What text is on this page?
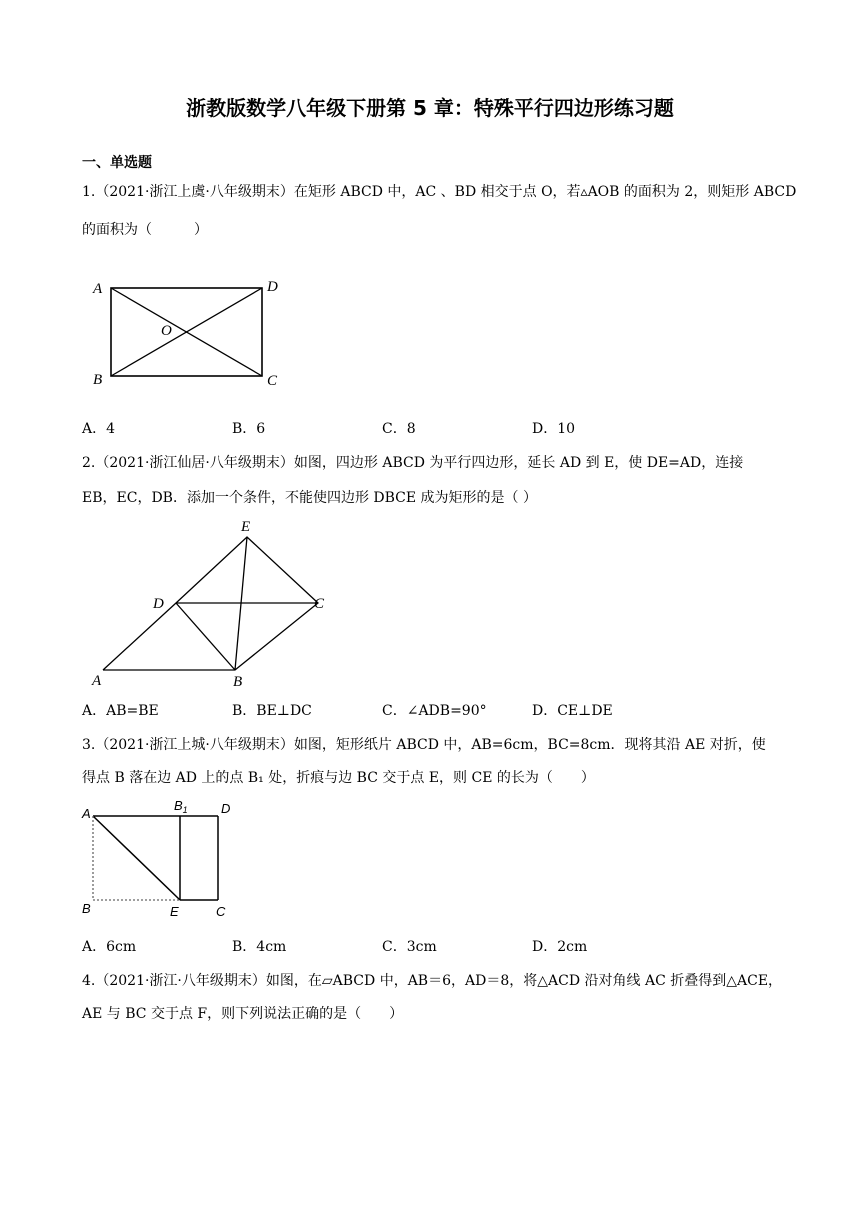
浙教版数学八年级下册第 5 章：特殊平行四边形练习题
一、单选题
1.（2021·浙江上虞·八年级期末）在矩形 ABCD 中，AC 、BD 相交于点 O，若▵AOB 的面积为 2，则矩形 ABCD
的面积为（　　　）
A	D
O
B	C
A．4	B．6	C．8	D．10
2.（2021·浙江仙居·八年级期末）如图，四边形 ABCD 为平行四边形，延长 AD 到 E，使 DE=AD，连接
EB，EC，DB．添加一个条件，不能使四边形 DBCE 成为矩形的是（ ）
E
D	C
A	B
A．AB=BE	B．BE⊥DC	C．∠ADB=90°	D．CE⊥DE
3.（2021·浙江上城·八年级期末）如图，矩形纸片 ABCD 中，AB=6cm，BC=8cm．现将其沿 AE 对折，使
得点 B 落在边 AD 上的点 B₁ 处，折痕与边 BC 交于点 E，则 CE 的长为（　　）
A
$B_1$	D
B	E	C
A．6cm	B．4cm	C．3cm	D．2cm
4.（2021·浙江·八年级期末）如图，在▱ABCD 中，AB＝6，AD＝8，将△ACD 沿对角线 AC 折叠得到△ACE，
AE 与 BC 交于点 F，则下列说法正确的是（　　）
